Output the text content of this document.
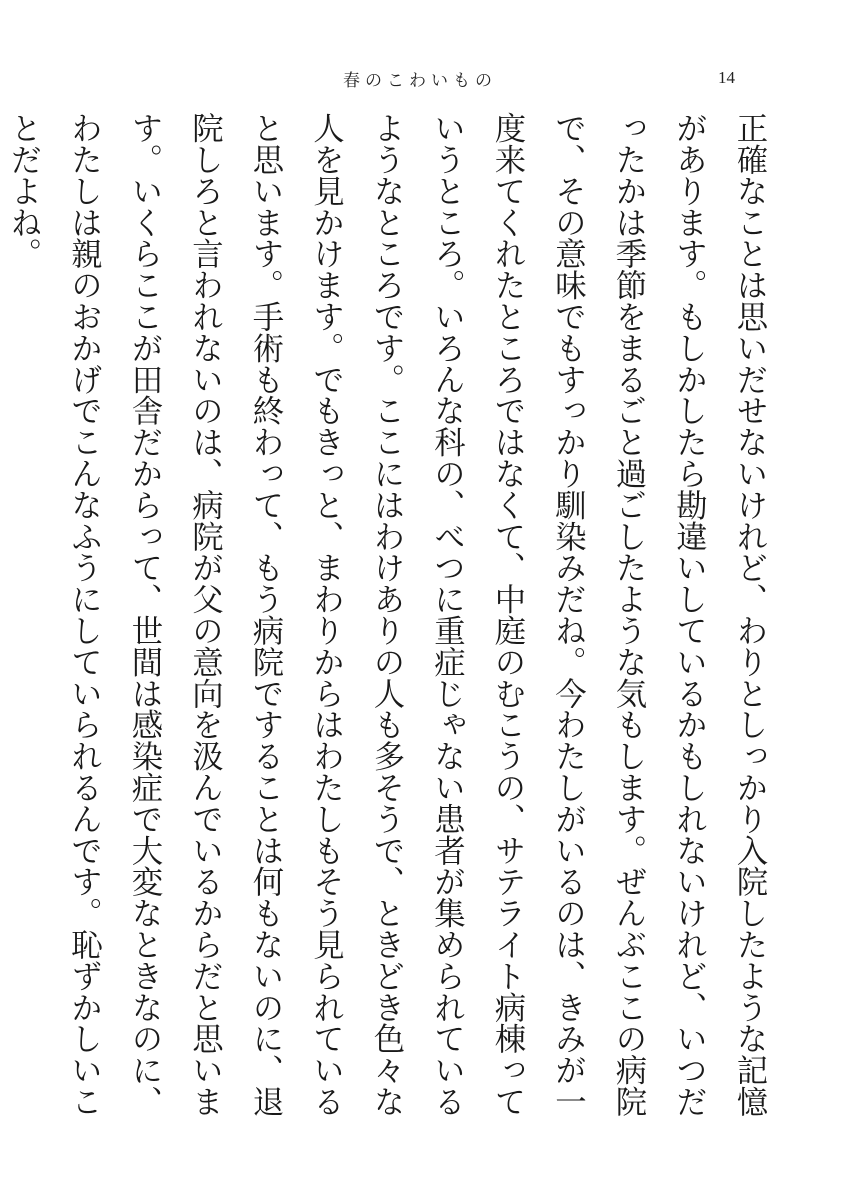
春のこわいもの	14

正確なことは思いだせないけれど、わりとしっかり入院したような記憶があります。もしかしたら勘違いしているかもしれないけれど、いつだったかは季節をまるごと過ごしたような気もします。ぜんぶここの病院で、その意味でもすっかり馴染みだね。今わたしがいるのは、きみが一度来てくれたところではなくて、中庭のむこうの、サテライト病棟っていうところ。いろんな科の、べつに重症じゃない患者が集められているようなところです。ここにはわけありの人も多そうで、ときどき色々な人を見かけます。でもきっと、まわりからはわたしもそう見られていると思います。手術も終わって、もう病院ですることは何もないのに、退院しろと言われないのは、病院が父の意向を汲んでいるからだと思います。いくらここが田舎だからって、世間は感染症で大変なときなのに、わたしは親のおかげでこんなふうにしていられるんです。恥ずかしいことだよね。
